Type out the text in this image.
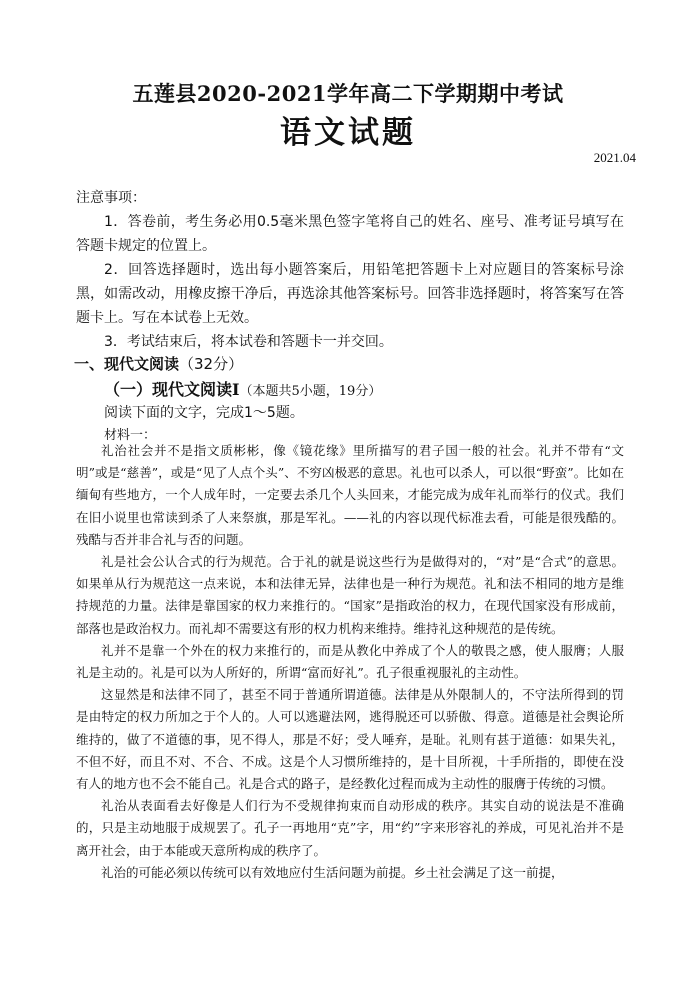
五莲县2020-2021学年高二下学期期中考试
语文试题
2021.04
注意事项：

1．答卷前，考生务必用0.5毫米黑色签字笔将自己的姓名、座号、准考证号填写在答题卡规定的位置上。

2．回答选择题时，选出每小题答案后，用铅笔把答题卡上对应题目的答案标号涂黑，如需改动，用橡皮擦干净后，再选涂其他答案标号。回答非选择题时，将答案写在答题卡上。写在本试卷上无效。

3．考试结束后，将本试卷和答题卡一并交回。

一、现代文阅读（32分）
（一）现代文阅读Ⅰ（本题共5小题，19分）
阅读下面的文字，完成1～5题。
材料一：

礼治社会并不是指文质彬彬，像《镜花缘》里所描写的君子国一般的社会。礼并不带有“文明”或是“慈善”，或是“见了人点个头”、不穷凶极恶的意思。礼也可以杀人，可以很“野蛮”。比如在缅甸有些地方，一个人成年时，一定要去杀几个人头回来，才能完成为成年礼而举行的仪式。我们在旧小说里也常读到杀了人来祭旗，那是军礼。——礼的内容以现代标准去看，可能是很残酷的。残酷与否并非合礼与否的问题。

礼是社会公认合式的行为规范。合于礼的就是说这些行为是做得对的，“对”是“合式”的意思。如果单从行为规范这一点来说，本和法律无异，法律也是一种行为规范。礼和法不相同的地方是维持规范的力量。法律是靠国家的权力来推行的。“国家”是指政治的权力，在现代国家没有形成前，部落也是政治权力。而礼却不需要这有形的权力机构来维持。维持礼这种规范的是传统。

礼并不是靠一个外在的权力来推行的，而是从教化中养成了个人的敬畏之感，使人服膺；人服礼是主动的。礼是可以为人所好的，所谓“富而好礼”。孔子很重视服礼的主动性。

这显然是和法律不同了，甚至不同于普通所谓道德。法律是从外限制人的，不守法所得到的罚是由特定的权力所加之于个人的。人可以逃避法网，逃得脱还可以骄傲、得意。道德是社会舆论所维持的，做了不道德的事，见不得人，那是不好；受人唾弃，是耻。礼则有甚于道德：如果失礼，不但不好，而且不对、不合、不成。这是个人习惯所维持的，是十目所视，十手所指的，即使在没有人的地方也不会不能自己。礼是合式的路子，是经教化过程而成为主动性的服膺于传统的习惯。

礼治从表面看去好像是人们行为不受规律拘束而自动形成的秩序。其实自动的说法是不准确的，只是主动地服于成规罢了。孔子一再地用“克”字，用“约”字来形容礼的养成，可见礼治并不是离开社会，由于本能或天意所构成的秩序了。

礼治的可能必须以传统可以有效地应付生活问题为前提。乡土社会满足了这一前提，
